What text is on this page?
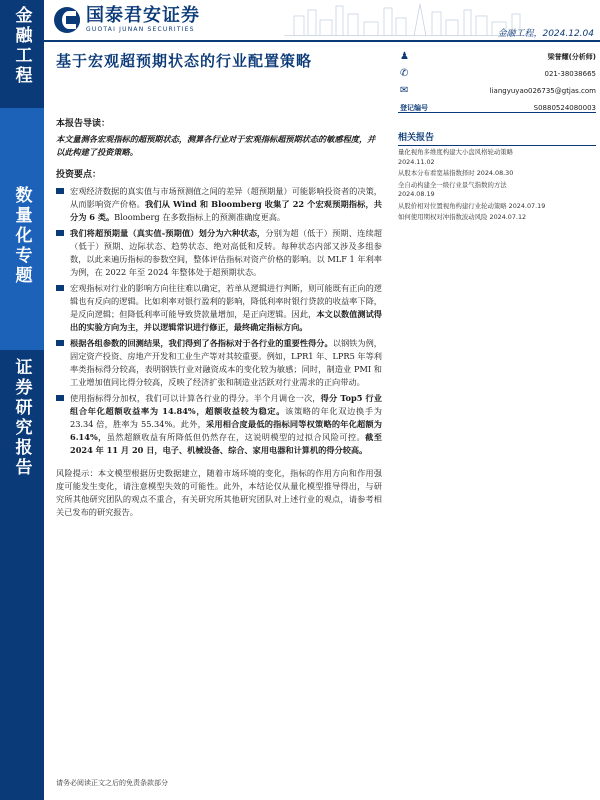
金融工程
数量化专题
证券研究报告
国泰君安证券
GUOTAI JUNAN SECURITIES	金融工程，2024.12.04
基于宏观超预期状态的行业配置策略	♟	梁誉耀(分析师)
✆	021-38038665
✉	liangyuyao026735@gtjas.com
登记编号	S0880524080003
相关报告
量化视角多维度构建大小盘风格轮动策略
2024.11.02
从股本分布看宽基指数择时 2024.08.30
全自动构建全一级行业景气指数的方法
2024.08.19
从股价相对位置视角构建行业轮动策略 2024.07.19
如何使用期权对冲指数波动风险 2024.07.12
本报告导读：
本文量测各宏观指标的超预期状态，测算各行业对于宏观指标超预期状态的敏感程度，并以此构建了投资策略。
投资要点：

宏观经济数据的真实值与市场预测值之间的差异（超预期量）可能影响投资者的决策，从而影响资产价格。我们从 Wind 和 Bloomberg 收集了 22 个宏观预期指标，共分为 6 类。Bloomberg 在多数指标上的预测准确度更高。

我们将超预期量（真实值-预期值）划分为六种状态，分别为超（低于）预期、连续超（低于）预期、边际状态、趋势状态、绝对高低和反转。每种状态内部又涉及多组参数，以此来遍历指标的参数空间，整体评估指标对资产价格的影响。以 MLF 1 年利率为例，在 2022 年至 2024 年整体处于超预期状态。

宏观指标对行业的影响方向往往难以确定，若单从逻辑进行判断，则可能既有正向的逻辑也有反向的逻辑。比如利率对银行盈利的影响，降低利率时银行贷款的收益率下降，是反向逻辑；但降低利率可能导致贷款量增加，是正向逻辑。因此，本文以数值测试得出的实验方向为主，并以逻辑常识进行修正，最终确定指标方向。

根据各组参数的回测结果，我们得到了各指标对于各行业的重要性得分。以钢铁为例，固定资产投资、房地产开发和工业生产等对其较重要。例如，LPR1 年、LPR5 年等利率类指标得分较高，表明钢铁行业对融资成本的变化较为敏感；同时，制造业 PMI 和工业增加值同比得分较高，反映了经济扩张和制造业活跃对行业需求的正向带动。

使用指标得分加权，我们可以计算各行业的得分。半个月调仓一次，得分 Top5 行业组合年化超额收益率为 14.84%，超额收益较为稳定。该策略的年化双边换手为 23.34 倍，胜率为 55.34%。此外，采用相合度最低的指标同等权策略的年化超额为 6.14%，虽然超额收益有所降低但仍然存在，这说明模型的过拟合风险可控。截至 2024 年 11 月 20 日，电子、机械设备、综合、家用电器和计算机的得分较高。

风险提示：本文模型根据历史数据建立，随着市场环境的变化，指标的作用方向和作用强度可能发生变化，请注意模型失效的可能性。此外，本结论仅从量化模型推导得出，与研究所其他研究团队的观点不重合，有关研究所其他研究团队对上述行业的观点，请参考相关已发布的研究报告。

请务必阅读正文之后的免责条款部分
